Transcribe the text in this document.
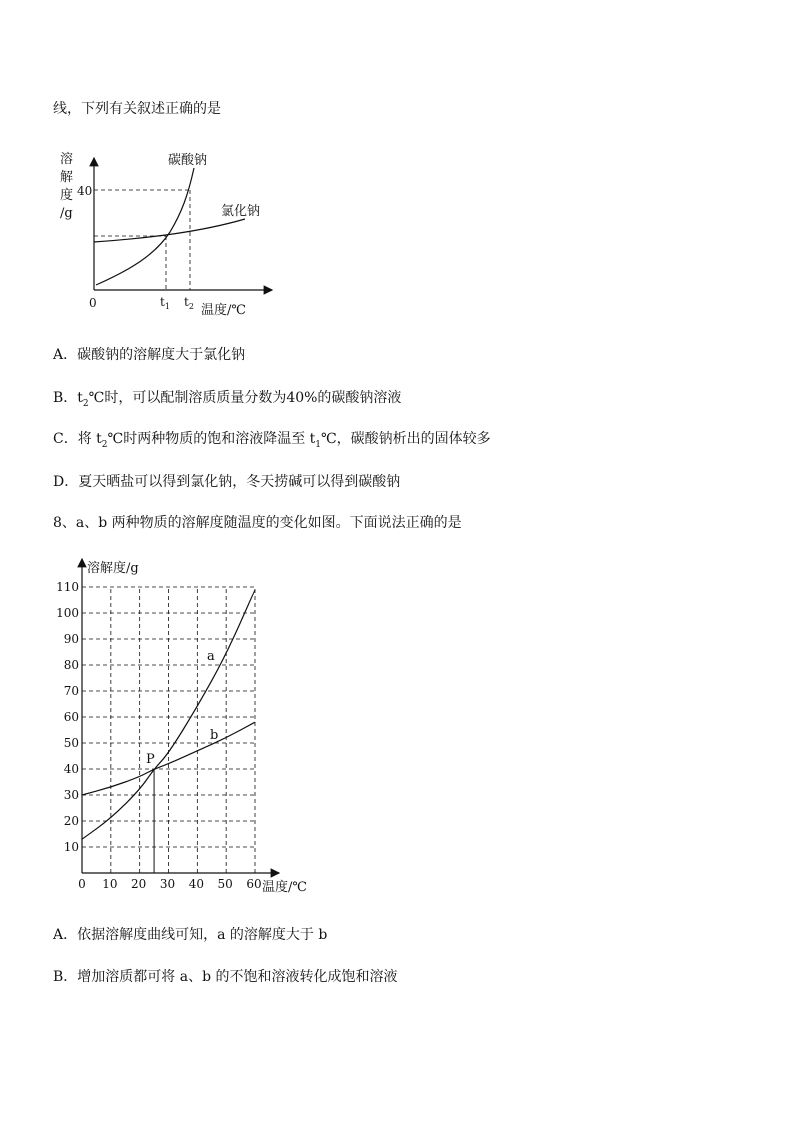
线，下列有关叙述正确的是
溶
解
度
/g
40
碳酸钠
氯化钠
0	$t_1$ $t_2$ 温度/℃
A．碳酸钠的溶解度大于氯化钠
B．$t_2℃$时，可以配制溶质质量分数为40%的碳酸钠溶液
C．将 $t_2℃$时两种物质的饱和溶液降温至 $t_1℃$，碳酸钠析出的固体较多
D．夏天晒盐可以得到氯化钠，冬天捞碱可以得到碳酸钠
8、a、b 两种物质的溶解度随温度的变化如图。下面说法正确的是
10
20
30
40
50
60
70
80
90
100
110
0 10 20 30 40 50 60
溶解度/g
温度/℃
a
b
P
A．依据溶解度曲线可知，a 的溶解度大于 b
B．增加溶质都可将 a、b 的不饱和溶液转化成饱和溶液
